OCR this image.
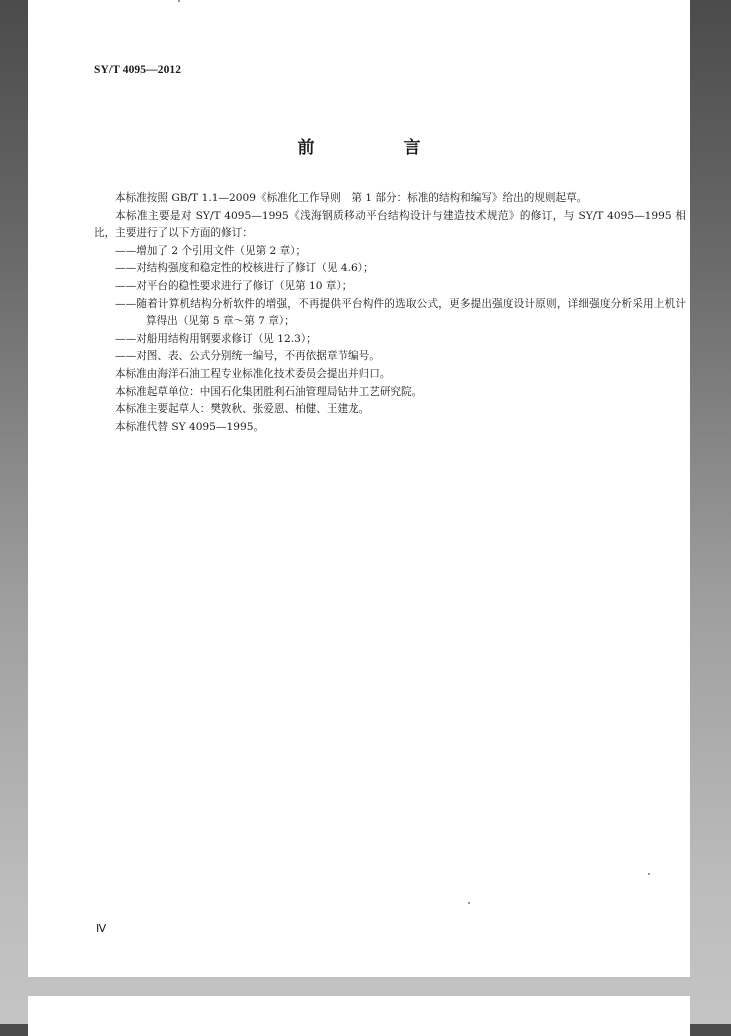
SY/T 4095—2012
前　言

本标准按照 GB/T 1.1—2009《标准化工作导则　第 1 部分：标准的结构和编写》给出的规则起草。

本标准主要是对 SY/T 4095—1995《浅海钢质移动平台结构设计与建造技术规范》的修订，与 SY/T 4095—1995 相比，主要进行了以下方面的修订：

——增加了 2 个引用文件（见第 2 章）；

——对结构强度和稳定性的校核进行了修订（见 4.6）；

——对平台的稳性要求进行了修订（见第 10 章）；

——随着计算机结构分析软件的增强，不再提供平台构件的选取公式，更多提出强度设计原则，详细强度分析采用上机计算得出（见第 5 章～第 7 章）；

——对船用结构用钢要求修订（见 12.3）；

——对图、表、公式分别统一编号，不再依据章节编号。

本标准由海洋石油工程专业标准化技术委员会提出并归口。

本标准起草单位：中国石化集团胜利石油管理局钻井工艺研究院。

本标准主要起草人：樊敦秋、张爱恩、柏健、王建龙。

本标准代替 SY 4095—1995。

Ⅳ
